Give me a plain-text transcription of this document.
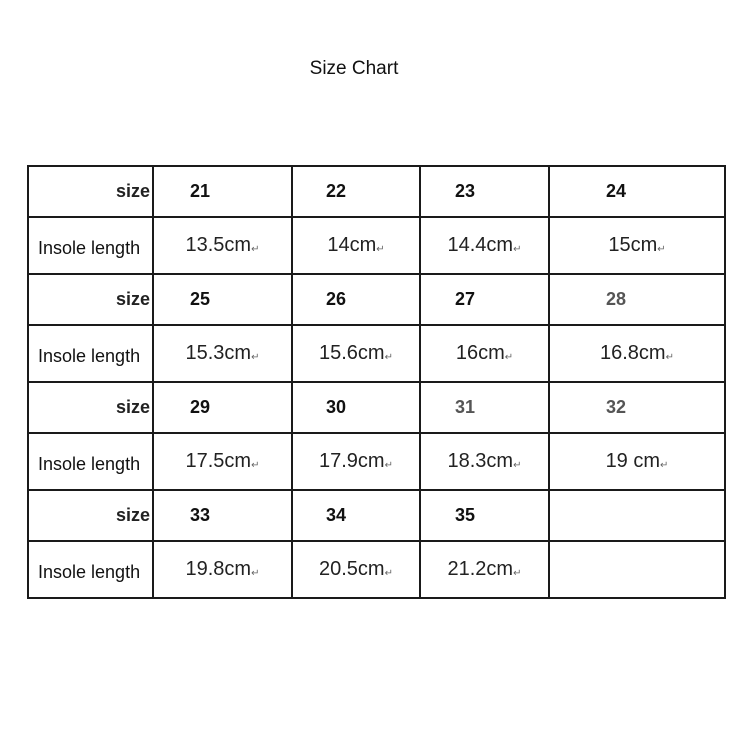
Size Chart
size	21	22	23	24
Insole length	13.5cm↵	14cm↵	14.4cm↵	15cm↵
size	25	26	27	28
Insole length	15.3cm↵	15.6cm↵	16cm↵	16.8cm↵
size	29	30	31	32
Insole length	17.5cm↵	17.9cm↵	18.3cm↵	19 cm↵
size	33	34	35	
Insole length	19.8cm↵	20.5cm↵	21.2cm↵	
